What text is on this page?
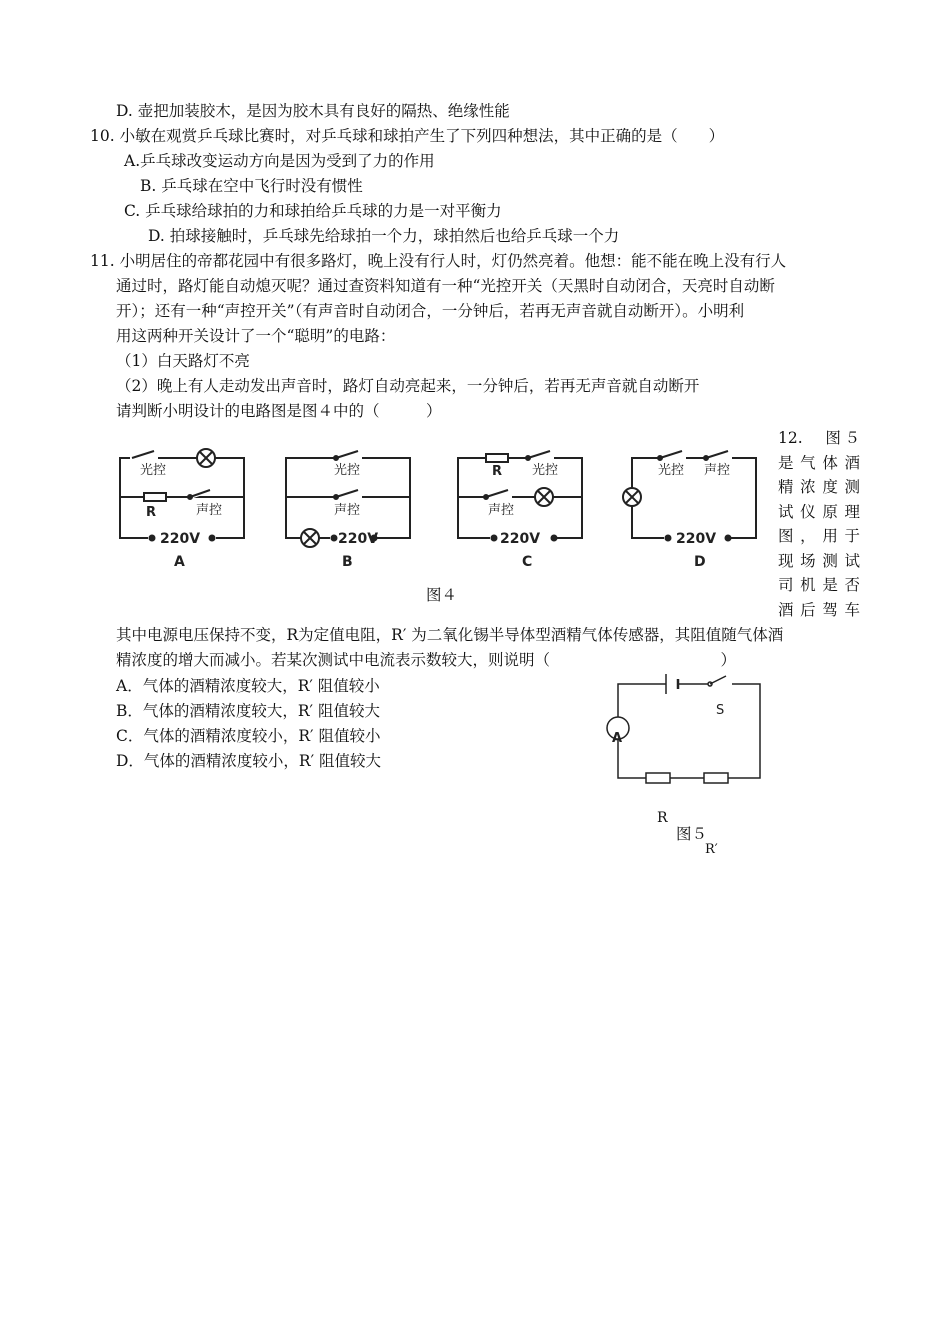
D. 壶把加装胶木，是因为胶木具有良好的隔热、绝缘性能
10. 小敏在观赏乒乓球比赛时，对乒乓球和球拍产生了下列四种想法，其中正确的是（　　）
A.乒乓球改变运动方向是因为受到了力的作用
B. 乒乓球在空中飞行时没有惯性
C. 乒乓球给球拍的力和球拍给乒乓球的力是一对平衡力
D. 拍球接触时，乒乓球先给球拍一个力，球拍然后也给乒乓球一个力
11. 小明居住的帝都花园中有很多路灯，晚上没有行人时，灯仍然亮着。他想：能不能在晚上没有行人
通过时，路灯能自动熄灭呢？通过查资料知道有一种“光控开关（天黑时自动闭合，天亮时自动断
开）；还有一种“声控开关”（有声音时自动闭合，一分钟后，若再无声音就自动断开）。小明利
用这两种开关设计了一个“聪明”的电路：
（1）白天路灯不亮
（2）晚上有人走动发出声音时，路灯自动亮起来，一分钟后，若再无声音就自动断开
请判断小明设计的电路图是图４中的（　　　）
光控
R	声控
220V
A
光控
声控
220V
B
R 光控
声控
220V
C
光控 声控
220V
D
图４
12.　图５
是气体酒
精浓度测
试仪原理
图，用于
现场测试
司机是否
酒后驾车
其中电源电压保持不变，R为定值电阻，R′ 为二氧化锡半导体型酒精气体传感器，其阻值随气体酒
精浓度的增大而减小。若某次测试中电流表示数较大，则说明（　　　　　　　　　　　）
A．气体的酒精浓度较大，R′ 阻值较小
B．气体的酒精浓度较大，R′ 阻值较大
C．气体的酒精浓度较小，R′ 阻值较小
D．气体的酒精浓度较小，R′ 阻值较大
S
A
R
图５
R′
